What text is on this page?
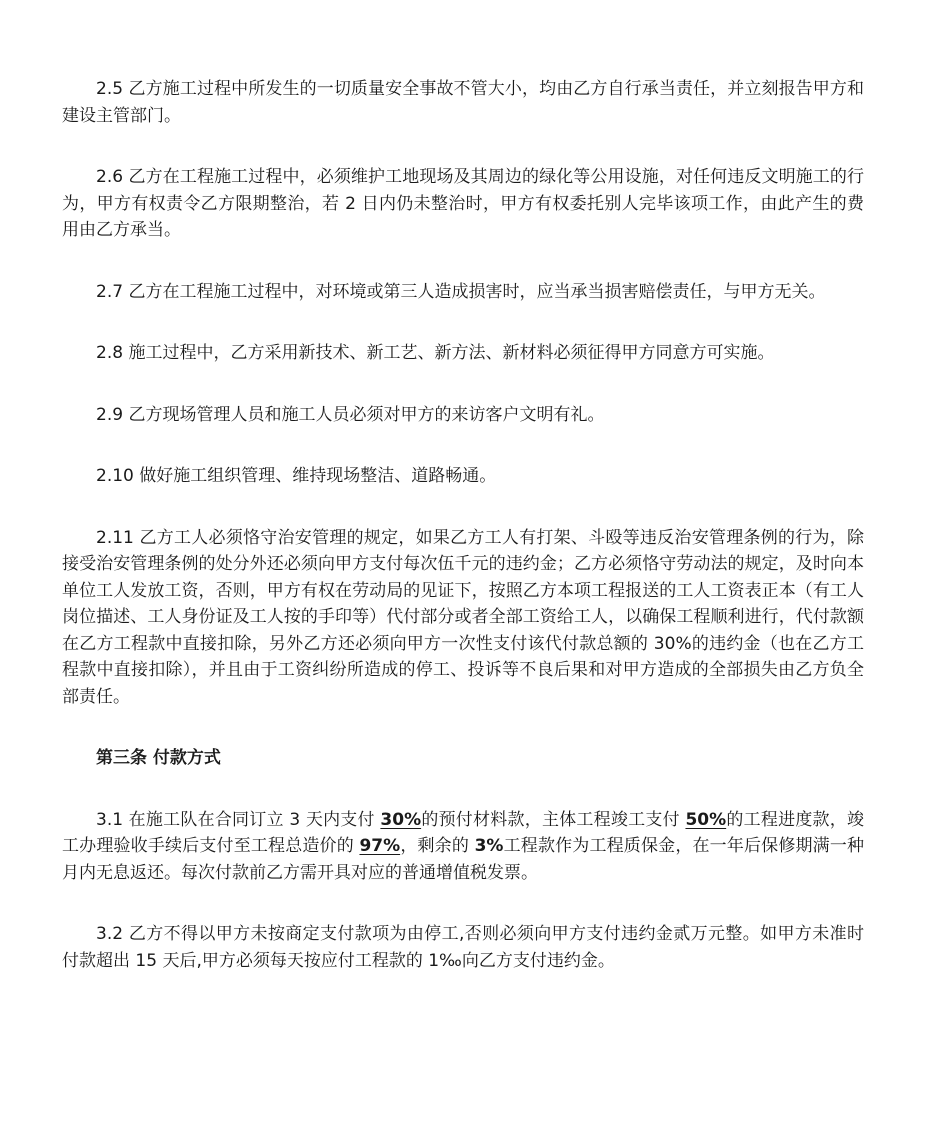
2.5 乙方施工过程中所发生的一切质量安全事故不管大小，均由乙方自行承当责任，并立刻报告甲方和建设主管部门。

2.6 乙方在工程施工过程中，必须维护工地现场及其周边的绿化等公用设施，对任何违反文明施工的行为，甲方有权责令乙方限期整治，若 2 日内仍未整治时，甲方有权委托别人完毕该项工作，由此产生的费用由乙方承当。

2.7 乙方在工程施工过程中，对环境或第三人造成损害时，应当承当损害赔偿责任，与甲方无关。

2.8 施工过程中，乙方采用新技术、新工艺、新方法、新材料必须征得甲方同意方可实施。

2.9 乙方现场管理人员和施工人员必须对甲方的来访客户文明有礼。

2.10 做好施工组织管理、维持现场整洁、道路畅通。

2.11 乙方工人必须恪守治安管理的规定，如果乙方工人有打架、斗殴等违反治安管理条例的行为，除接受治安管理条例的处分外还必须向甲方支付每次伍千元的违约金；乙方必须恪守劳动法的规定，及时向本单位工人发放工资，否则，甲方有权在劳动局的见证下，按照乙方本项工程报送的工人工资表正本（有工人岗位描述、工人身份证及工人按的手印等）代付部分或者全部工资给工人，以确保工程顺利进行，代付款额在乙方工程款中直接扣除，另外乙方还必须向甲方一次性支付该代付款总额的 30%的违约金（也在乙方工程款中直接扣除），并且由于工资纠纷所造成的停工、投诉等不良后果和对甲方造成的全部损失由乙方负全部责任。

第三条 付款方式

3.1 在施工队在合同订立 3 天内支付 30%的预付材料款，主体工程竣工支付 50%的工程进度款，竣工办理验收手续后支付至工程总造价的 97%，剩余的 3%工程款作为工程质保金，在一年后保修期满一种月内无息返还。每次付款前乙方需开具对应的普通增值税发票。

3.2 乙方不得以甲方未按商定支付款项为由停工,否则必须向甲方支付违约金贰万元整。如甲方未准时付款超出 15 天后,甲方必须每天按应付工程款的 1‰向乙方支付违约金。
